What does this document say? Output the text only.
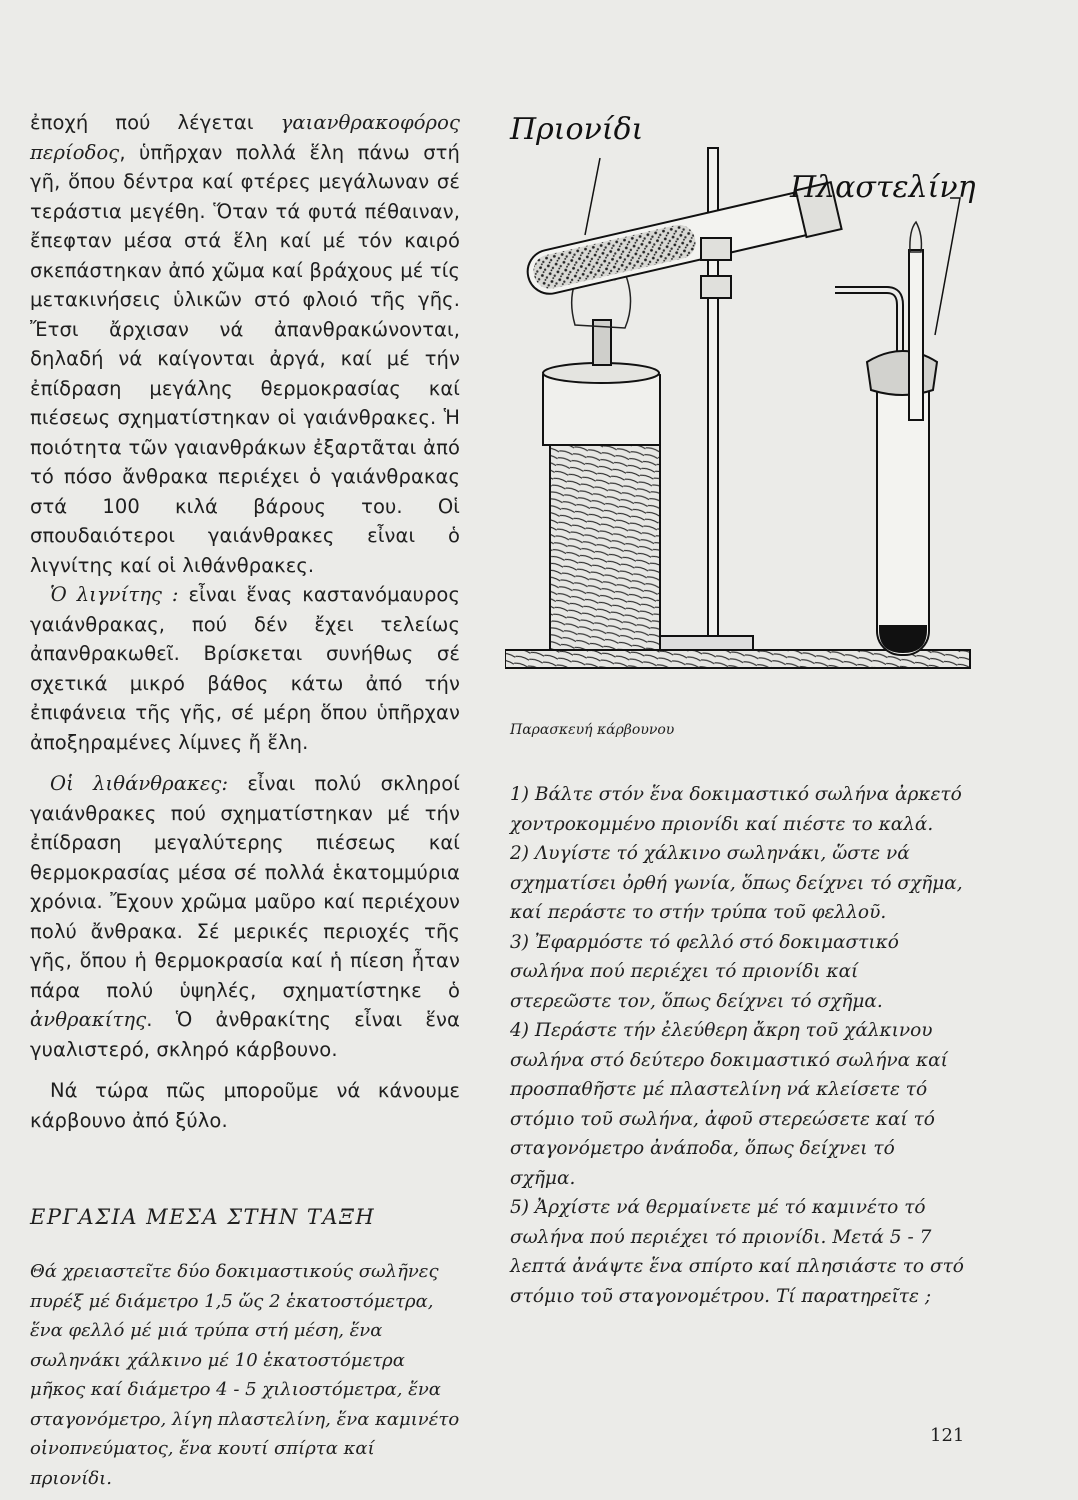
ἐποχή πού λέγεται γαιανθρακοφόρος περίοδος, ὑπῆρχαν πολλά ἕλη πάνω στή γῆ, ὅπου δέντρα καί φτέρες μεγάλωναν σέ τεράστια μεγέθη. Ὅταν τά φυτά πέθαιναν, ἔπεφταν μέσα στά ἕλη καί μέ τόν καιρό σκεπάστηκαν ἀπό χῶμα καί βράχους μέ τίς μετακινήσεις ὑλικῶν στό φλοιό τῆς γῆς. Ἔτσι ἄρχισαν νά ἀπανθρακώνονται, δηλαδή νά καίγονται ἀργά, καί μέ τήν ἐπίδραση μεγάλης θερμοκρασίας καί πιέσεως σχηματίστηκαν οἱ γαιάνθρακες. Ἡ ποιότητα τῶν γαιανθράκων ἐξαρτᾶται ἀπό τό πόσο ἄνθρακα περιέχει ὁ γαιάνθρακας στά 100 κιλά βάρους του. Οἱ σπουδαιότεροι γαιάνθρακες εἶναι ὁ λιγνίτης καί οἱ λιθάνθρακες.

Ὁ λιγνίτης : εἶναι ἕνας καστανόμαυρος γαιάνθρακας, πού δέν ἔχει τελείως ἀπανθρακωθεῖ. Βρίσκεται συνήθως σέ σχετικά μικρό βάθος κάτω ἀπό τήν ἐπιφάνεια τῆς γῆς, σέ μέρη ὅπου ὑπῆρχαν ἀποξηραμένες λίμνες ἤ ἕλη.

Οἱ λιθάνθρακες: εἶναι πολύ σκληροί γαιάνθρακες πού σχηματίστηκαν μέ τήν ἐπίδραση μεγαλύτερης πιέσεως καί θερμοκρασίας μέσα σέ πολλά ἑκατομμύρια χρόνια. Ἔχουν χρῶμα μαῦρο καί περιέχουν πολύ ἄνθρακα. Σέ μερικές περιοχές τῆς γῆς, ὅπου ἡ θερμοκρασία καί ἡ πίεση ἦταν πάρα πολύ ὑψηλές, σχηματίστηκε ὁ ἀνθρακίτης. Ὁ ἀνθρακίτης εἶναι ἕνα γυαλιστερό, σκληρό κάρβουνο.

Νά τώρα πῶς μποροῦμε νά κάνουμε κάρβουνο ἀπό ξύλο.

ΕΡΓΑΣΙΑ ΜΕΣΑ ΣΤΗΝ ΤΑΞΗ

Θά χρειαστεῖτε δύο δοκιμαστικούς σωλῆνες πυρέξ μέ διάμετρο 1,5 ὥς 2 ἑκατοστόμετρα, ἕνα φελλό μέ μιά τρύπα στή μέση, ἕνα σωληνάκι χάλκινο μέ 10 ἑκατοστόμετρα μῆκος καί διάμετρο 4 - 5 χιλιοστόμετρα, ἕνα σταγονόμετρο, λίγη πλαστελίνη, ἕνα καμινέτο οἰνοπνεύματος, ἕνα κουτί σπίρτα καί πριονίδι.

Πριονίδι
Πλαστελίνη
Παρασκευή κάρβουνου

1) Βάλτε στόν ἕνα δοκιμαστικό σωλήνα ἀρκετό χοντροκομμένο πριονίδι καί πιέστε το καλά.

2) Λυγίστε τό χάλκινο σωληνάκι, ὥστε νά σχηματίσει ὀρθή γωνία, ὅπως δείχνει τό σχῆμα, καί περάστε το στήν τρύπα τοῦ φελλοῦ.

3) Ἐφαρμόστε τό φελλό στό δοκιμαστικό σωλήνα πού περιέχει τό πριονίδι καί στερεῶστε τον, ὅπως δείχνει τό σχῆμα.

4) Περάστε τήν ἐλεύθερη ἄκρη τοῦ χάλκινου σωλήνα στό δεύτερο δοκιμαστικό σωλήνα καί προσπαθῆστε μέ πλαστελίνη νά κλείσετε τό στόμιο τοῦ σωλήνα, ἀφοῦ στερεώσετε καί τό σταγονόμετρο ἀνάποδα, ὅπως δείχνει τό σχῆμα.

5) Ἀρχίστε νά θερμαίνετε μέ τό καμινέτο τό σωλήνα πού περιέχει τό πριονίδι. Μετά 5 - 7 λεπτά ἀνάψτε ἕνα σπίρτο καί πλησιάστε το στό στόμιο τοῦ σταγονομέτρου. Τί παρατηρεῖτε ;

121
